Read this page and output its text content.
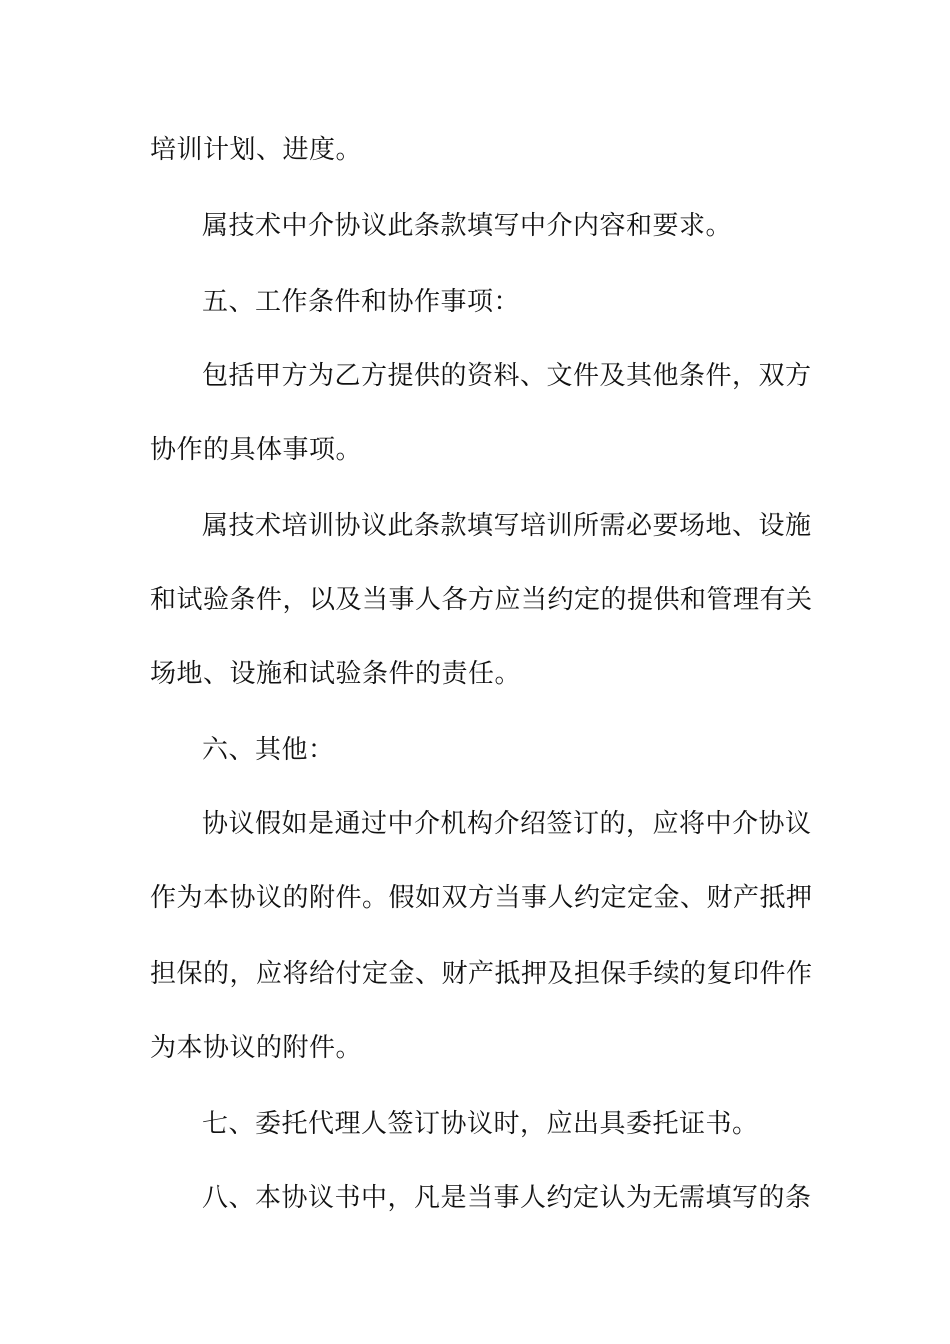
培训计划、进度。
属技术中介协议此条款填写中介内容和要求。
五、工作条件和协作事项：
包括甲方为乙方提供的资料、文件及其他条件，双方
协作的具体事项。
属技术培训协议此条款填写培训所需必要场地、设施
和试验条件，以及当事人各方应当约定的提供和管理有关
场地、设施和试验条件的责任。
六、其他：
协议假如是通过中介机构介绍签订的，应将中介协议
作为本协议的附件。假如双方当事人约定定金、财产抵押
担保的，应将给付定金、财产抵押及担保手续的复印件作
为本协议的附件。
七、委托代理人签订协议时，应出具委托证书。
八、本协议书中，凡是当事人约定认为无需填写的条
